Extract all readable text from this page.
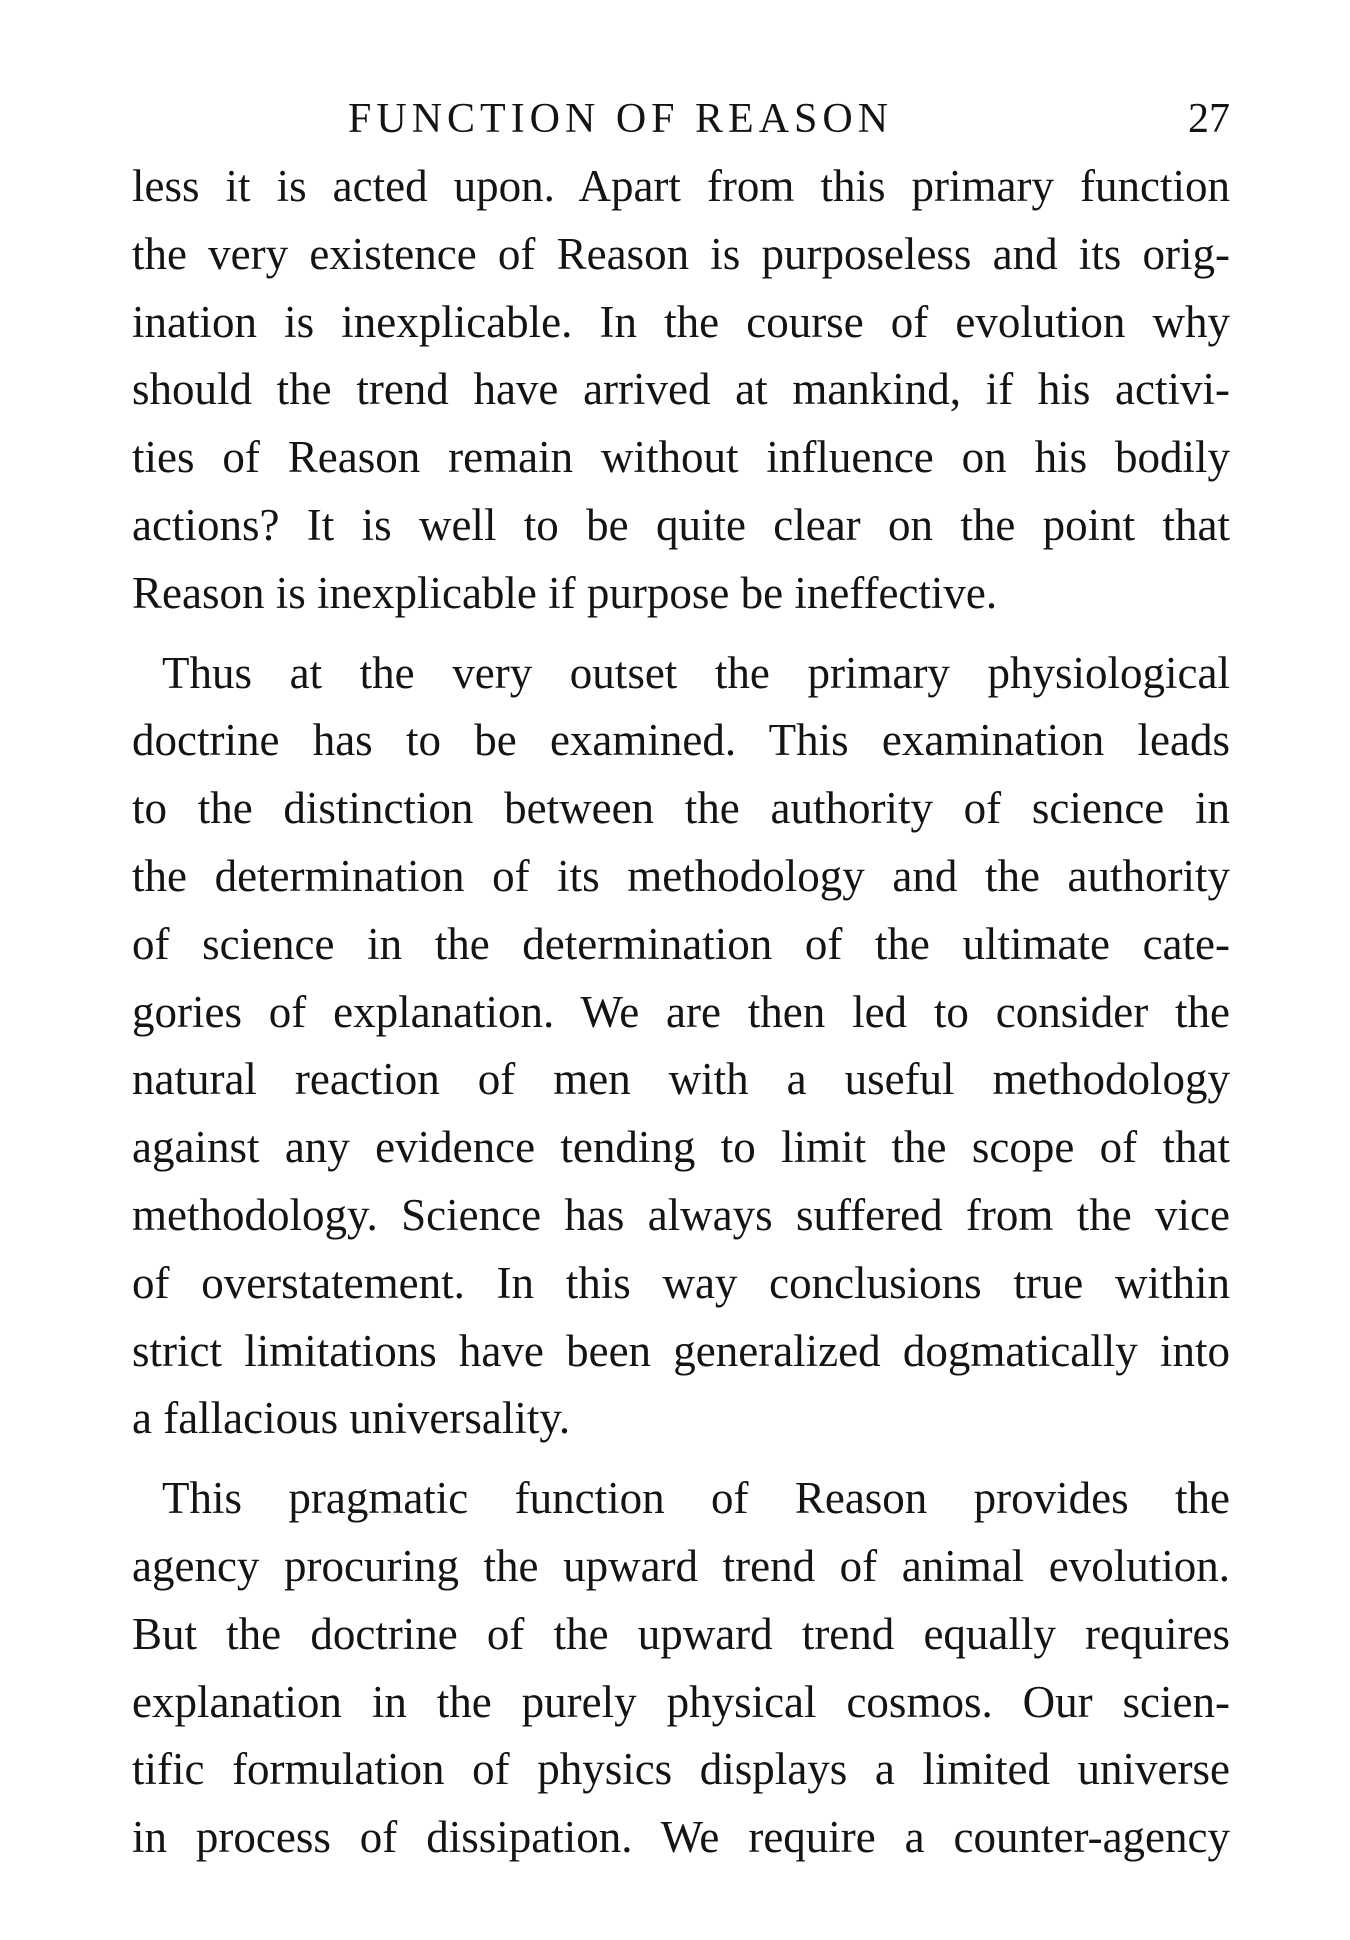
FUNCTION OF REASON	27
less it is acted upon. Apart from this primary function
the very existence of Reason is purposeless and its orig-
ination is inexplicable. In the course of evolution why
should the trend have arrived at mankind, if his activi-
ties of Reason remain without influence on his bodily
actions? It is well to be quite clear on the point that
Reason is inexplicable if purpose be ineffective.
Thus at the very outset the primary physiological
doctrine has to be examined. This examination leads
to the distinction between the authority of science in
the determination of its methodology and the authority
of science in the determination of the ultimate cate-
gories of explanation. We are then led to consider the
natural reaction of men with a useful methodology
against any evidence tending to limit the scope of that
methodology. Science has always suffered from the vice
of overstatement. In this way conclusions true within
strict limitations have been generalized dogmatically into
a fallacious universality.
This pragmatic function of Reason provides the
agency procuring the upward trend of animal evolution.
But the doctrine of the upward trend equally requires
explanation in the purely physical cosmos. Our scien-
tific formulation of physics displays a limited universe
in process of dissipation. We require a counter-agency
